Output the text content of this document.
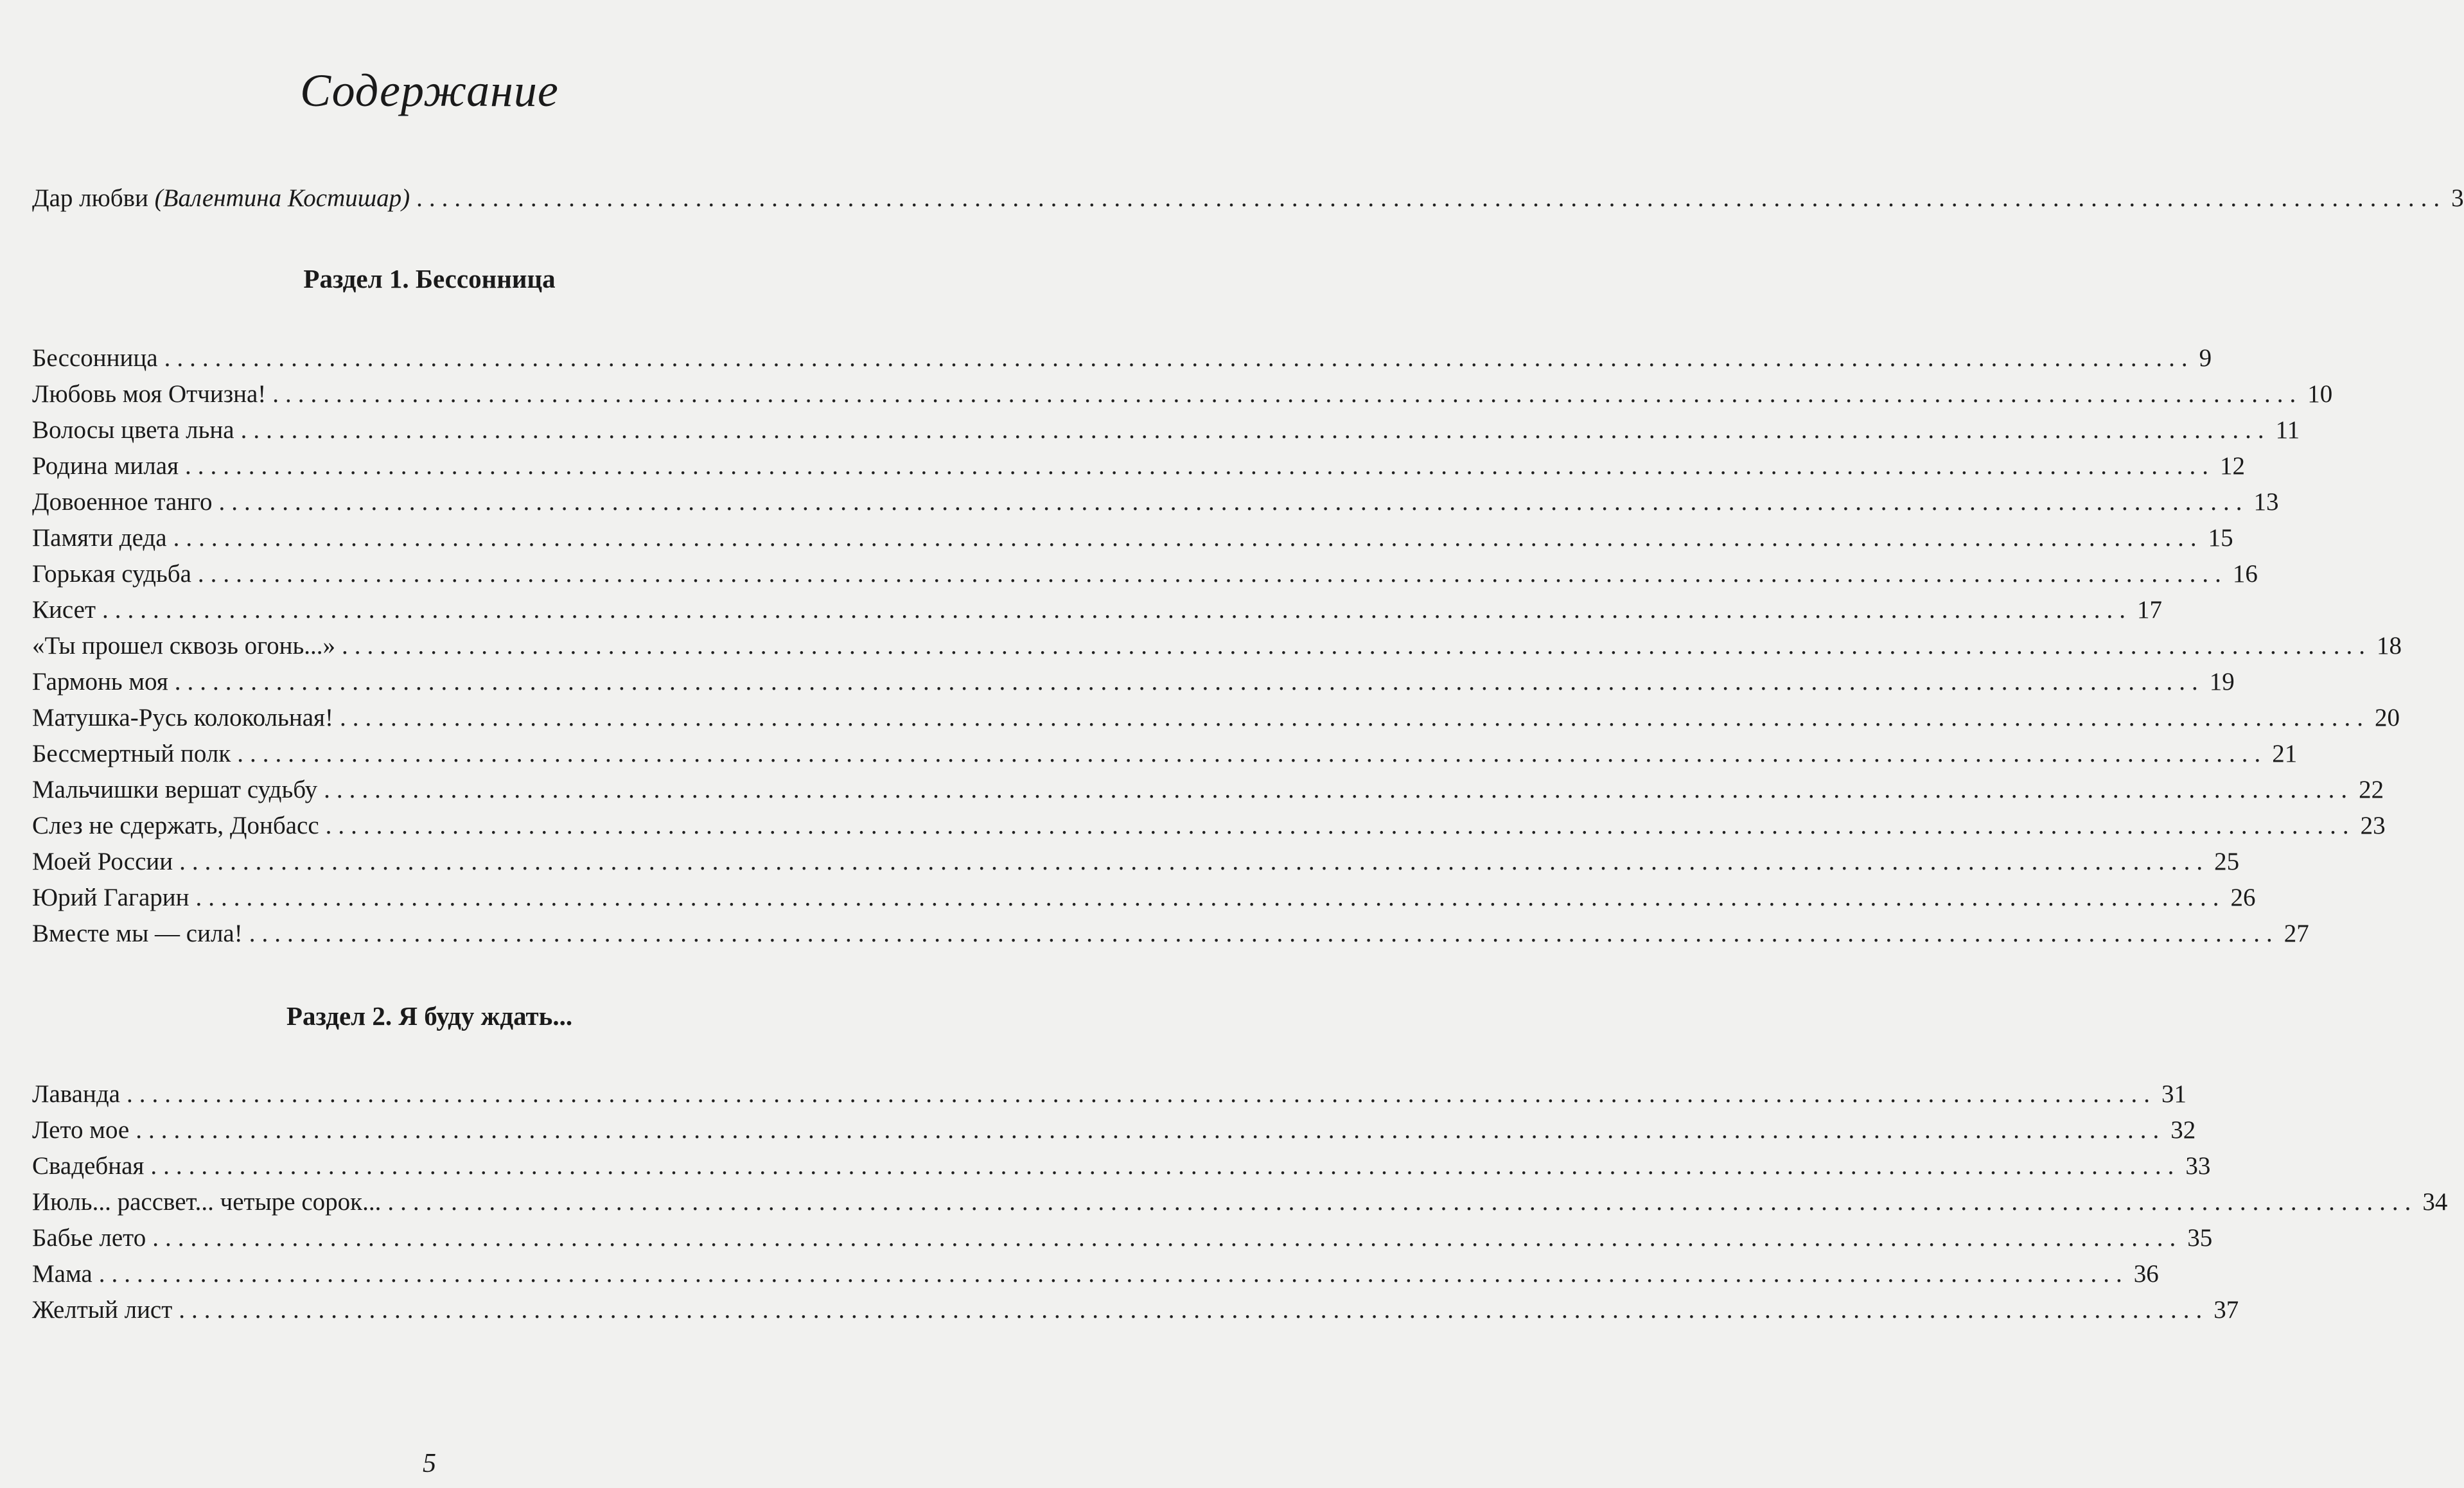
Содержание
Дар любви (Валентина Костишар) ................................................................................................................................................................ 3
Раздел 1. Бессонница
Бессонница ................................................................................................................................................................ 9
Любовь моя Отчизна! ................................................................................................................................................................ 10
Волосы цвета льна ................................................................................................................................................................ 11
Родина милая ................................................................................................................................................................ 12
Довоенное танго ................................................................................................................................................................ 13
Памяти деда ................................................................................................................................................................ 15
Горькая судьба ................................................................................................................................................................ 16
Кисет ................................................................................................................................................................ 17
«Ты прошел сквозь огонь...» ................................................................................................................................................................ 18
Гармонь моя ................................................................................................................................................................ 19
Матушка-Русь колокольная! ................................................................................................................................................................ 20
Бессмертный полк ................................................................................................................................................................ 21
Мальчишки вершат судьбу ................................................................................................................................................................ 22
Слез не сдержать, Донбасс ................................................................................................................................................................ 23
Моей России ................................................................................................................................................................ 25
Юрий Гагарин ................................................................................................................................................................ 26
Вместе мы — сила! ................................................................................................................................................................ 27
Раздел 2. Я буду ждать...
Лаванда ................................................................................................................................................................ 31
Лето мое ................................................................................................................................................................ 32
Свадебная ................................................................................................................................................................ 33
Июль... рассвет... четыре сорок... ................................................................................................................................................................ 34
Бабье лето ................................................................................................................................................................ 35
Мама ................................................................................................................................................................ 36
Желтый лист ................................................................................................................................................................ 37
5
